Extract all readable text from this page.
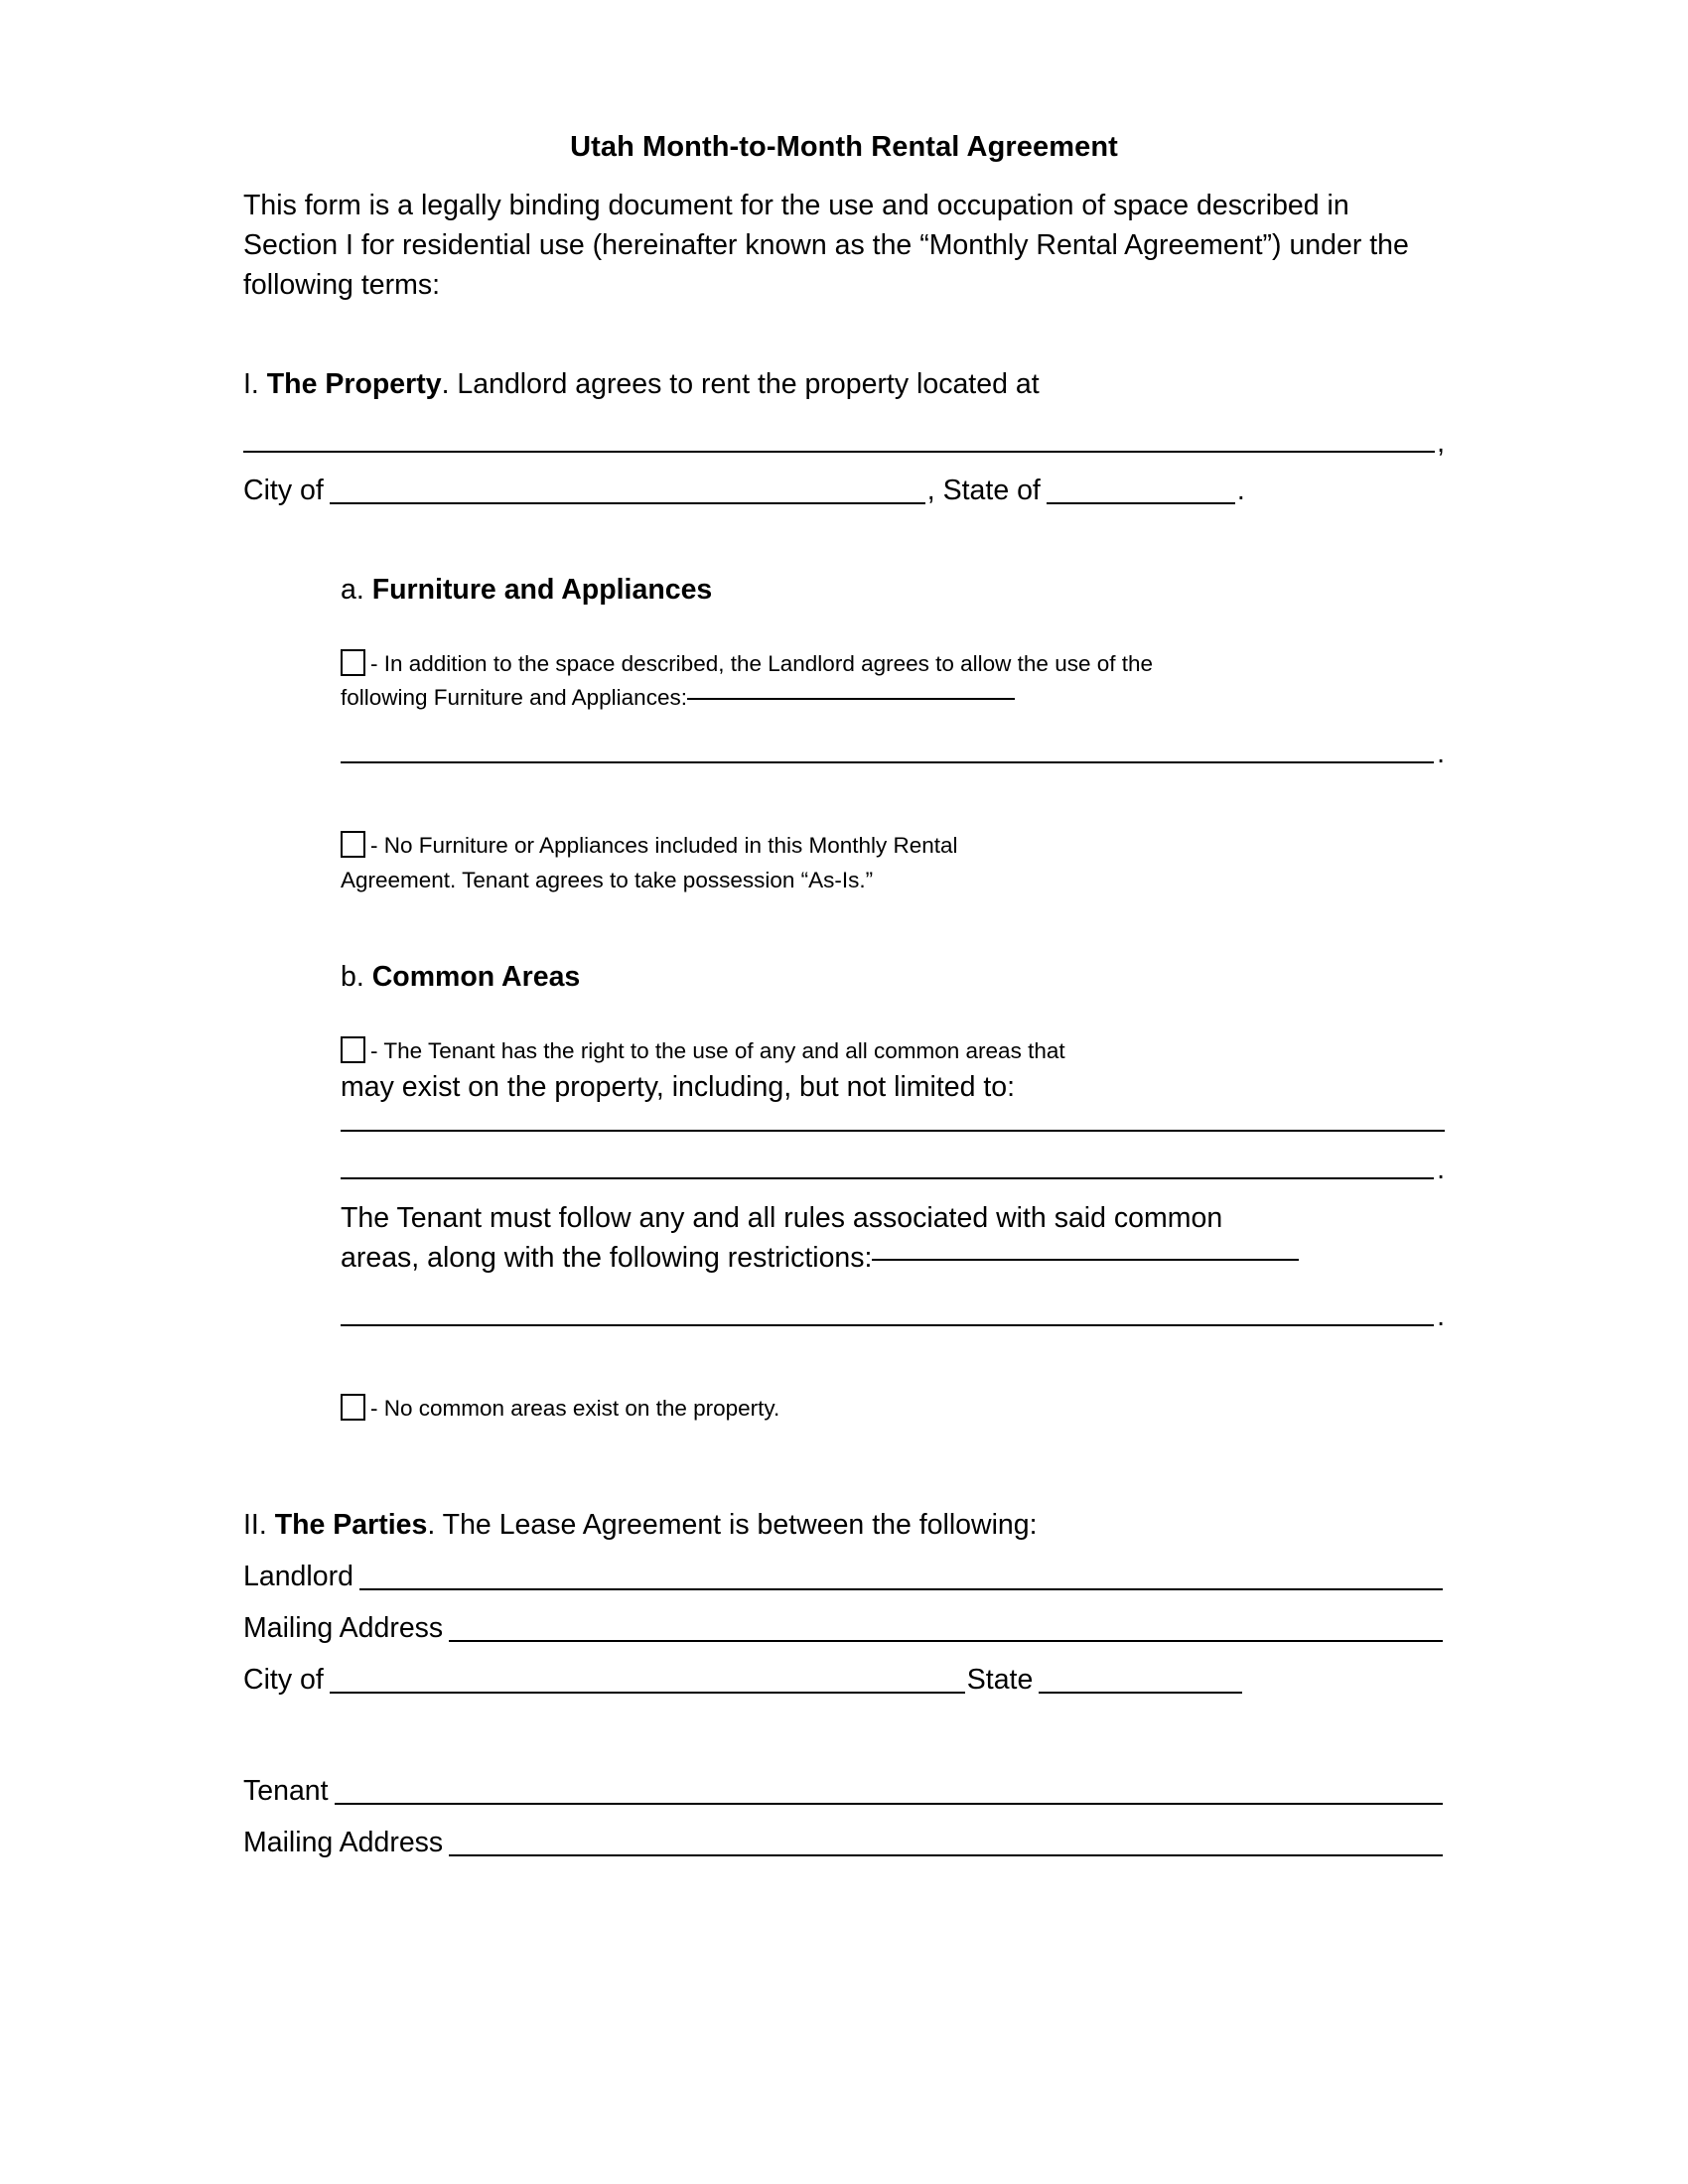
Utah Month-to-Month Rental Agreement

This form is a legally binding document for the use and occupation of space described in Section I for residential use (hereinafter known as the “Monthly Rental Agreement”) under the following terms:

I. The Property. Landlord agrees to rent the property located at
,
City of	, State of	.
a. Furniture and Appliances
- In addition to the space described, the Landlord agrees to allow the use of the
following Furniture and Appliances:
.
- No Furniture or Appliances included in this Monthly Rental
Agreement. Tenant agrees to take possession “As-Is.”
b. Common Areas
- The Tenant has the right to the use of any and all common areas that
may exist on the property, including, but not limited to:
.
The Tenant must follow any and all rules associated with said common
areas, along with the following restrictions:
.
- No common areas exist on the property.
II. The Parties. The Lease Agreement is between the following:
Landlord
Mailing Address
City of	State
Tenant
Mailing Address
